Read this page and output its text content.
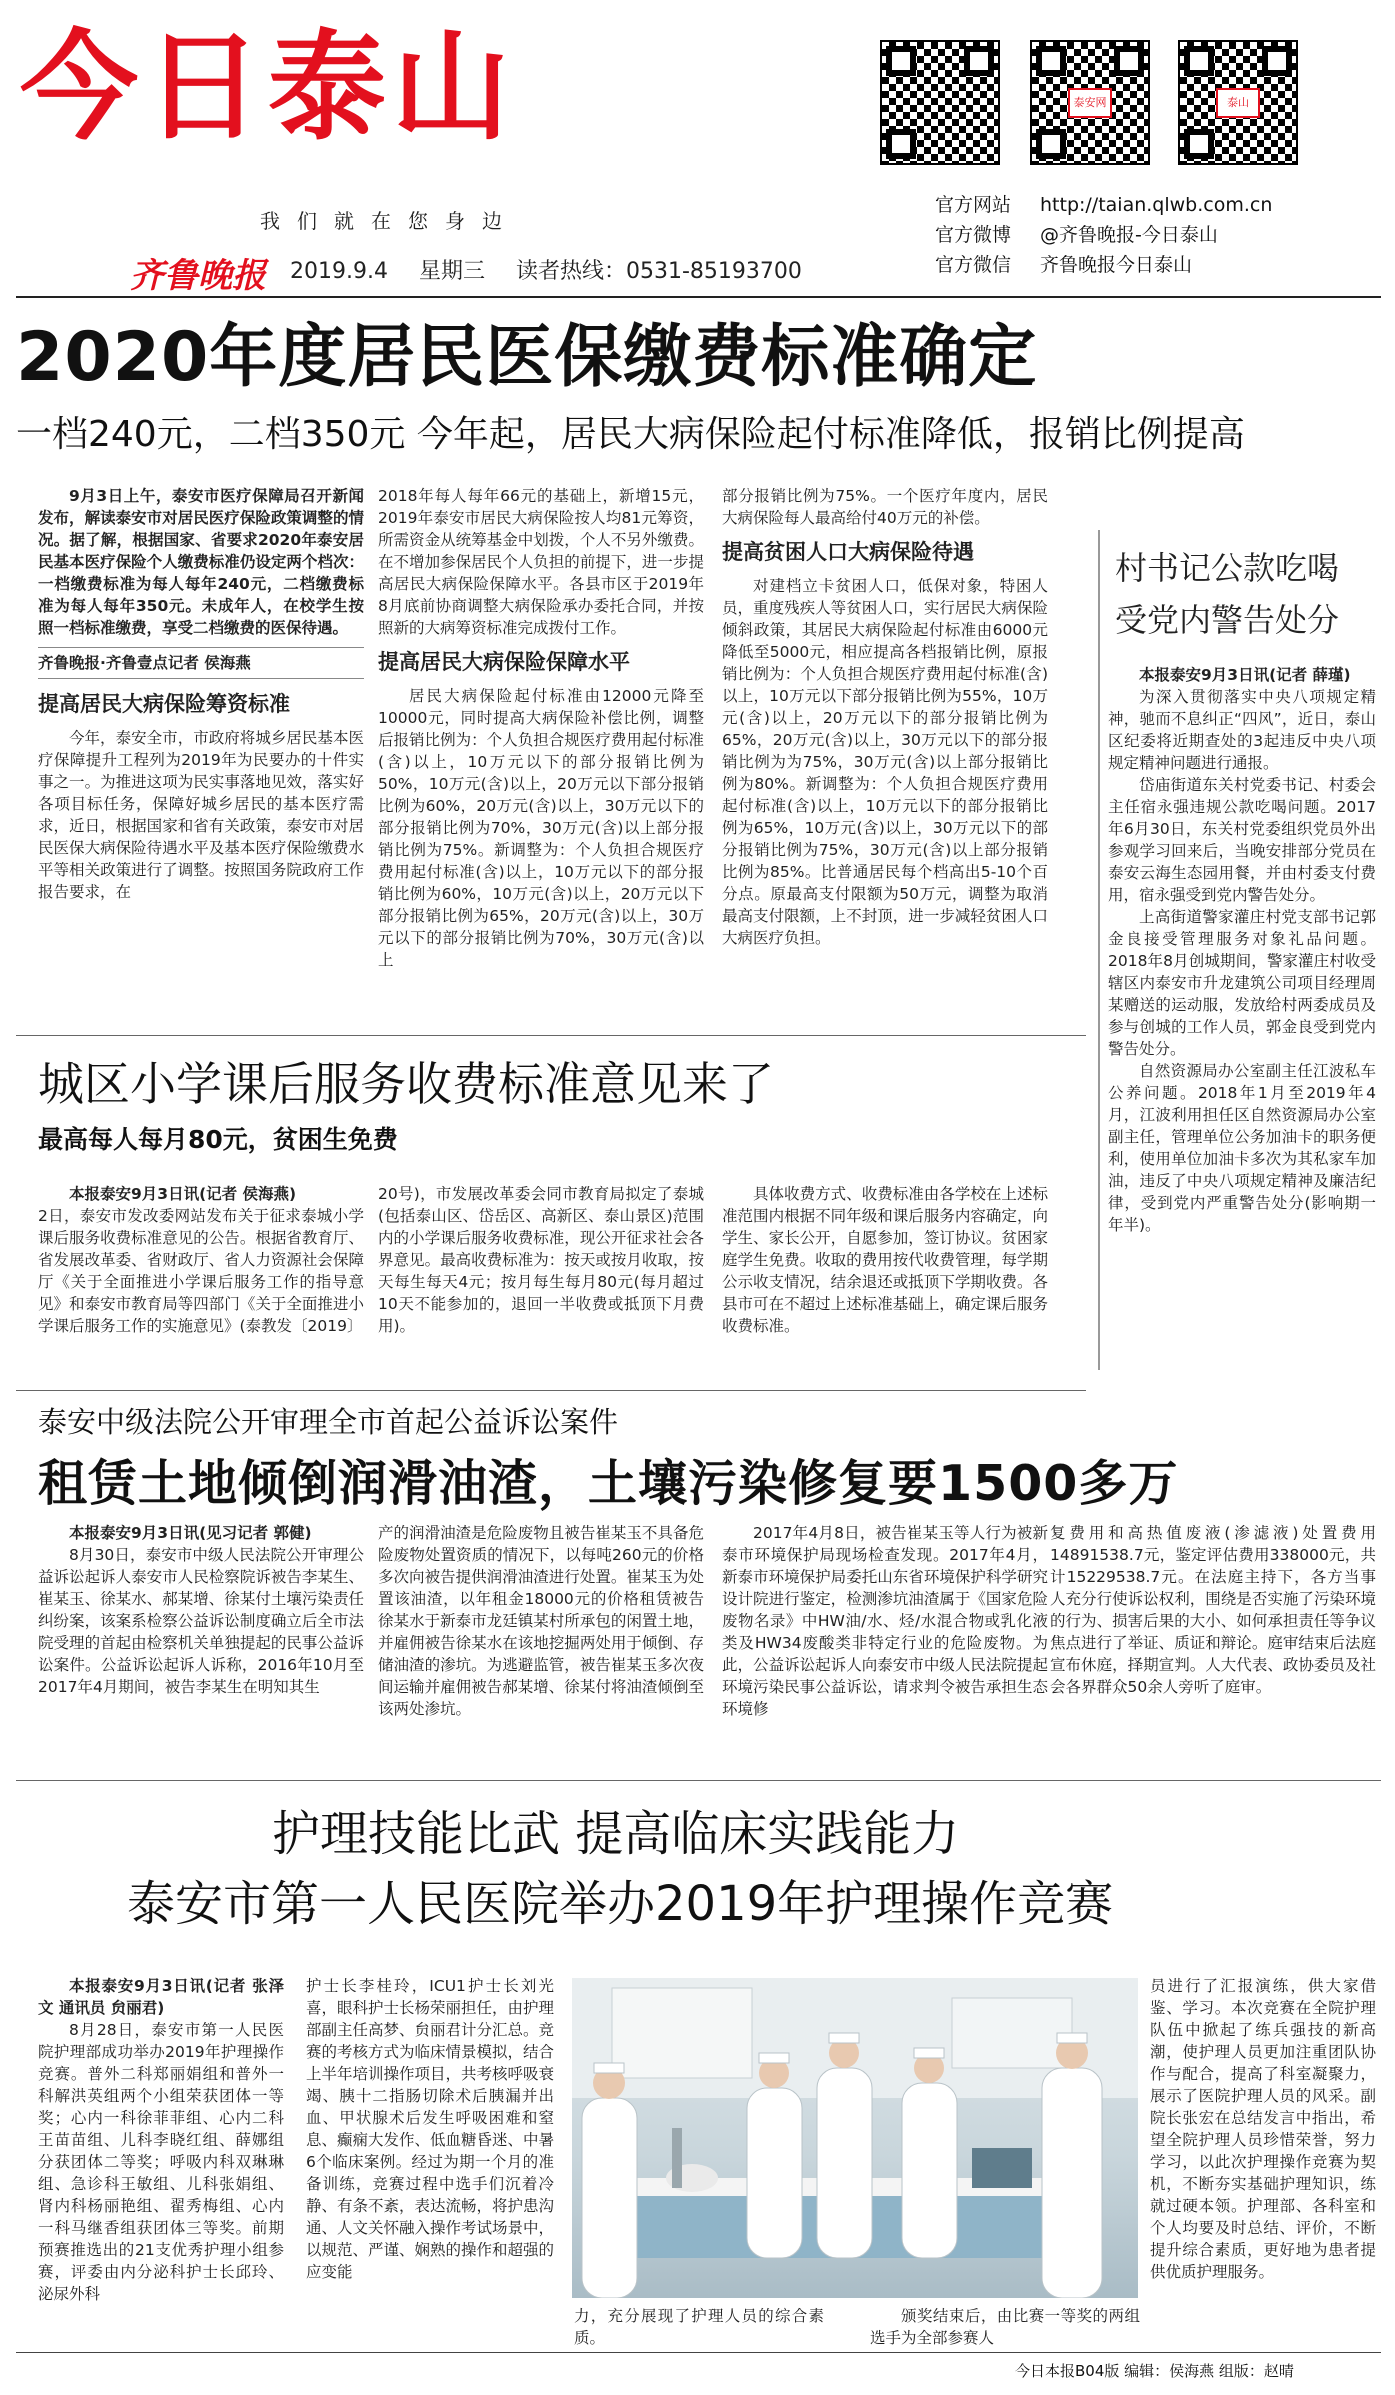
今日泰山
我们就在您身边
齐鲁晚报	2019.9.4 星期三 读者热线：0531-85193700
泰安网	泰山
官方网站 http://taian.qlwb.com.cn
官方微博 @齐鲁晚报-今日泰山
官方微信 齐鲁晚报今日泰山
2020年度居民医保缴费标准确定
一档240元，二档350元 今年起，居民大病保险起付标准降低，报销比例提高

9月3日上午，泰安市医疗保障局召开新闻发布，解读泰安市对居民医疗保险政策调整的情况。据了解，根据国家、省要求2020年泰安居民基本医疗保险个人缴费标准仍设定两个档次：一档缴费标准为每人每年240元，二档缴费标准为每人每年350元。未成年人，在校学生按照一档标准缴费，享受二档缴费的医保待遇。

齐鲁晚报·齐鲁壹点记者 侯海燕
提高居民大病保险筹资标准

今年，泰安全市，市政府将城乡居民基本医疗保障提升工程列为2019年为民要办的十件实事之一。为推进这项为民实事落地见效，落实好各项目标任务，保障好城乡居民的基本医疗需求，近日，根据国家和省有关政策，泰安市对居民医保大病保险待遇水平及基本医疗保险缴费水平等相关政策进行了调整。按照国务院政府工作报告要求，在

2018年每人每年66元的基础上，新增15元，2019年泰安市居民大病保险按人均81元筹资，所需资金从统筹基金中划拨，个人不另外缴费。在不增加参保居民个人负担的前提下，进一步提高居民大病保险保障水平。各县市区于2019年8月底前协商调整大病保险承办委托合同，并按照新的大病筹资标准完成拨付工作。

提高居民大病保险保障水平

居民大病保险起付标准由12000元降至10000元，同时提高大病保险补偿比例，调整后报销比例为：个人负担合规医疗费用起付标准(含)以上，10万元以下的部分报销比例为50%，10万元(含)以上，20万元以下部分报销比例为60%，20万元(含)以上，30万元以下的部分报销比例为70%，30万元(含)以上部分报销比例为75%。新调整为：个人负担合规医疗费用起付标准(含)以上，10万元以下的部分报销比例为60%，10万元(含)以上，20万元以下部分报销比例为65%，20万元(含)以上，30万元以下的部分报销比例为70%，30万元(含)以上

部分报销比例为75%。一个医疗年度内，居民大病保险每人最高给付40万元的补偿。

提高贫困人口大病保险待遇

对建档立卡贫困人口，低保对象，特困人员，重度残疾人等贫困人口，实行居民大病保险倾斜政策，其居民大病保险起付标准由6000元降低至5000元，相应提高各档报销比例，原报销比例为：个人负担合规医疗费用起付标准(含)以上，10万元以下部分报销比例为55%，10万元(含)以上，20万元以下的部分报销比例为65%，20万元(含)以上，30万元以下的部分报销比例为为75%，30万元(含)以上部分报销比例为80%。新调整为：个人负担合规医疗费用起付标准(含)以上，10万元以下的部分报销比例为65%，10万元(含)以上，30万元以下的部分报销比例为75%，30万元(含)以上部分报销比例为85%。比普通居民每个档高出5-10个百分点。原最高支付限额为50万元，调整为取消最高支付限额，上不封顶，进一步减轻贫困人口大病医疗负担。

村书记公款吃喝
受党内警告处分

本报泰安9月3日讯(记者 薛瑾)

为深入贯彻落实中央八项规定精神，驰而不息纠正“四风”，近日，泰山区纪委将近期查处的3起违反中央八项规定精神问题进行通报。

岱庙街道东关村党委书记、村委会主任宿永强违规公款吃喝问题。2017年6月30日，东关村党委组织党员外出参观学习回来后，当晚安排部分党员在泰安云海生态园用餐，并由村委支付费用，宿永强受到党内警告处分。

上高街道警家灌庄村党支部书记郭金良接受管理服务对象礼品问题。2018年8月创城期间，警家灌庄村收受辖区内泰安市升龙建筑公司项目经理周某赠送的运动服，发放给村两委成员及参与创城的工作人员，郭金良受到党内警告处分。

自然资源局办公室副主任江波私车公养问题。2018年1月至2019年4月，江波利用担任区自然资源局办公室副主任，管理单位公务加油卡的职务便利，使用单位加油卡多次为其私家车加油，违反了中央八项规定精神及廉洁纪律，受到党内严重警告处分(影响期一年半)。

城区小学课后服务收费标准意见来了
最高每人每月80元，贫困生免费

本报泰安9月3日讯(记者 侯海燕)

2日，泰安市发改委网站发布关于征求泰城小学课后服务收费标准意见的公告。根据省教育厅、省发展改革委、省财政厅、省人力资源社会保障厅《关于全面推进小学课后服务工作的指导意见》和泰安市教育局等四部门《关于全面推进小学课后服务工作的实施意见》(泰教发〔2019〕

20号)，市发展改革委会同市教育局拟定了泰城(包括泰山区、岱岳区、高新区、泰山景区)范围内的小学课后服务收费标准，现公开征求社会各界意见。最高收费标准为：按天或按月收取，按天每生每天4元；按月每生每月80元(每月超过10天不能参加的，退回一半收费或抵顶下月费用)。

具体收费方式、收费标准由各学校在上述标准范围内根据不同年级和课后服务内容确定，向学生、家长公开，自愿参加，签订协议。贫困家庭学生免费。收取的费用按代收费管理，每学期公示收支情况，结余退还或抵顶下学期收费。各县市可在不超过上述标准基础上，确定课后服务收费标准。

泰安中级法院公开审理全市首起公益诉讼案件
租赁土地倾倒润滑油渣，土壤污染修复要1500多万

本报泰安9月3日讯(见习记者 郭健)

8月30日，泰安市中级人民法院公开审理公益诉讼起诉人泰安市人民检察院诉被告李某生、崔某玉、徐某水、郝某增、徐某付土壤污染责任纠纷案，该案系检察公益诉讼制度确立后全市法院受理的首起由检察机关单独提起的民事公益诉讼案件。公益诉讼起诉人诉称，2016年10月至2017年4月期间，被告李某生在明知其生

产的润滑油渣是危险废物且被告崔某玉不具备危险废物处置资质的情况下，以每吨260元的价格多次向被告提供润滑油渣进行处置。崔某玉为处置该油渣，以年租金18000元的价格租赁被告徐某水于新泰市龙廷镇某村所承包的闲置土地，并雇佣被告徐某水在该地挖掘两处用于倾倒、存储油渣的渗坑。为逃避监管，被告崔某玉多次夜间运输并雇佣被告郝某增、徐某付将油渣倾倒至该两处渗坑。

2017年4月8日，被告崔某玉等人行为被新泰市环境保护局现场检查发现。2017年4月，新泰市环境保护局委托山东省环境保护科学研究设计院进行鉴定，检测渗坑油渣属于《国家危险废物名录》中HW油/水、烃/水混合物或乳化液类及HW34废酸类非特定行业的危险废物。为此，公益诉讼起诉人向泰安市中级人民法院提起环境污染民事公益诉讼，请求判令被告承担生态环境修

复费用和高热值废液(渗滤液)处置费用14891538.7元，鉴定评估费用338000元，共计15229538.7元。在法庭主持下，各方当事人充分行使诉讼权利，围绕是否实施了污染环境的行为、损害后果的大小、如何承担责任等争议焦点进行了举证、质证和辩论。庭审结束后法庭宣布休庭，择期宣判。人大代表、政协委员及社会各界群众50余人旁听了庭审。

护理技能比武 提高临床实践能力
泰安市第一人民医院举办2019年护理操作竞赛

本报泰安9月3日讯(记者 张泽文 通讯员 贠丽君)

8月28日，泰安市第一人民医院护理部成功举办2019年护理操作竞赛。普外二科郑丽娟组和普外一科解洪英组两个小组荣获团体一等奖；心内一科徐菲菲组、心内二科王苗苗组、儿科李晓红组、薛娜组分获团体二等奖；呼吸内科双琳琳组、急诊科王敏组、儿科张娟组、肾内科杨丽艳组、翟秀梅组、心内一科马继香组获团体三等奖。前期预赛推选出的21支优秀护理小组参赛，评委由内分泌科护士长邱玲、泌尿外科

护士长李桂玲，ICU1护士长刘光喜，眼科护士长杨荣丽担任，由护理部副主任高梦、贠丽君计分汇总。竞赛的考核方式为临床情景模拟，结合上半年培训操作项目，共考核呼吸衰竭、胰十二指肠切除术后胰漏并出血、甲状腺术后发生呼吸困难和窒息、癫痫大发作、低血糖昏迷、中暑6个临床案例。经过为期一个月的准备训练，竞赛过程中选手们沉着冷静、有条不紊，表达流畅，将护患沟通、人文关怀融入操作考试场景中，以规范、严谨、娴熟的操作和超强的应变能

力，充分展现了护理人员的综合素质。

颁奖结束后，由比赛一等奖的两组选手为全部参赛人

员进行了汇报演练，供大家借鉴、学习。本次竞赛在全院护理队伍中掀起了练兵强技的新高潮，使护理人员更加注重团队协作与配合，提高了科室凝聚力，展示了医院护理人员的风采。副院长张宏在总结发言中指出，希望全院护理人员珍惜荣誉，努力学习，以此次护理操作竞赛为契机，不断夯实基础护理知识，练就过硬本领。护理部、各科室和个人均要及时总结、评价，不断提升综合素质，更好地为患者提供优质护理服务。

今日本报B04版 编辑：侯海燕 组版：赵晴
